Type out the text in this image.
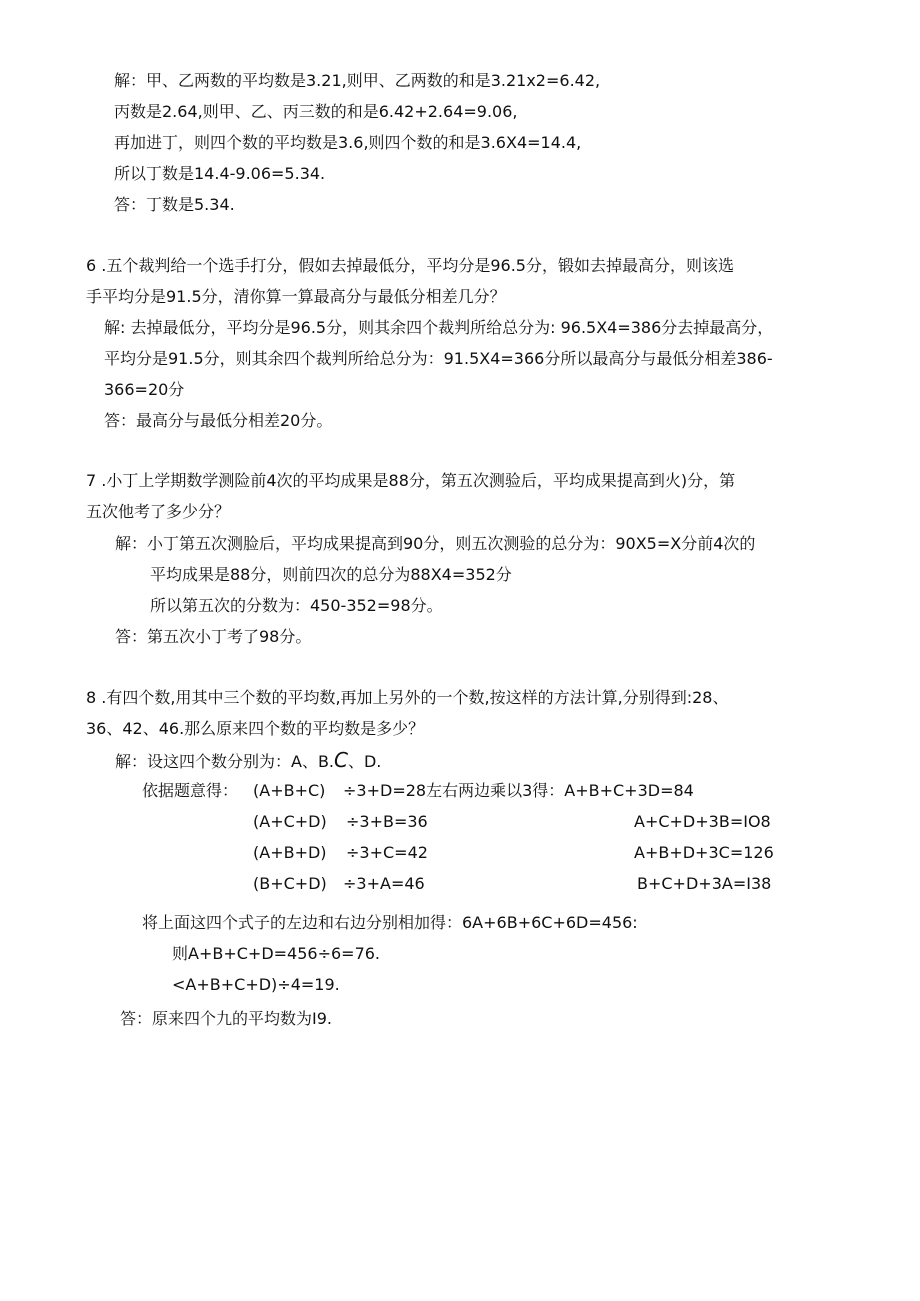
解：甲、乙两数的平均数是3.21,则甲、乙两数的和是3.21x2=6.42,
丙数是2.64,则甲、乙、丙三数的和是6.42+2.64=9.06,
再加进丁，则四个数的平均数是3.6,则四个数的和是3.6X4=14.4,
所以丁数是14.4-9.06=5.34.
答：丁数是5.34.
6 .五个裁判给一个选手打分，假如去掉最低分，平均分是96.5分，锻如去掉最高分，则该选
手平均分是91.5分，清你算一算最高分与最低分相差几分？
解: 去掉最低分，平均分是96.5分，则其余四个裁判所给总分为: 96.5X4=386分去掉最高分，
平均分是91.5分，则其余四个裁判所给总分为：91.5X4=366分所以最高分与最低分相差386-
366=20分
答：最高分与最低分相差20分。
7 .小丁上学期数学测险前4次的平均成果是88分，第五次测验后，平均成果提高到火)分，第
五次他考了多少分？
解：小丁第五次测脸后，平均成果提高到90分，则五次测验的总分为：90X5=X分前4次的
平均成果是88分，则前四次的总分为88X4=352分
所以第五次的分数为：450-352=98分。
答：第五次小丁考了98分。
8 .有四个数,用其中三个数的平均数,再加上另外的一个数,按这样的方法计算,分别得到:28、
36、42、46.那么原来四个数的平均数是多少？
解：设这四个数分别为：A、B.C、D.
依据题意得： (A+B+C) ÷3+D=28左右两边乘以3得：A+B+C+3D=84
(A+C+D) ÷3+B=36	A+C+D+3B=IO8
(A+B+D) ÷3+C=42	A+B+D+3C=126
(B+C+D) ÷3+A=46	B+C+D+3A=I38
将上面这四个式子的左边和右边分别相加得：6A+6B+6C+6D=456:
则A+B+C+D=456÷6=76.
<A+B+C+D)÷4=19.
答：原来四个九的平均数为I9.
